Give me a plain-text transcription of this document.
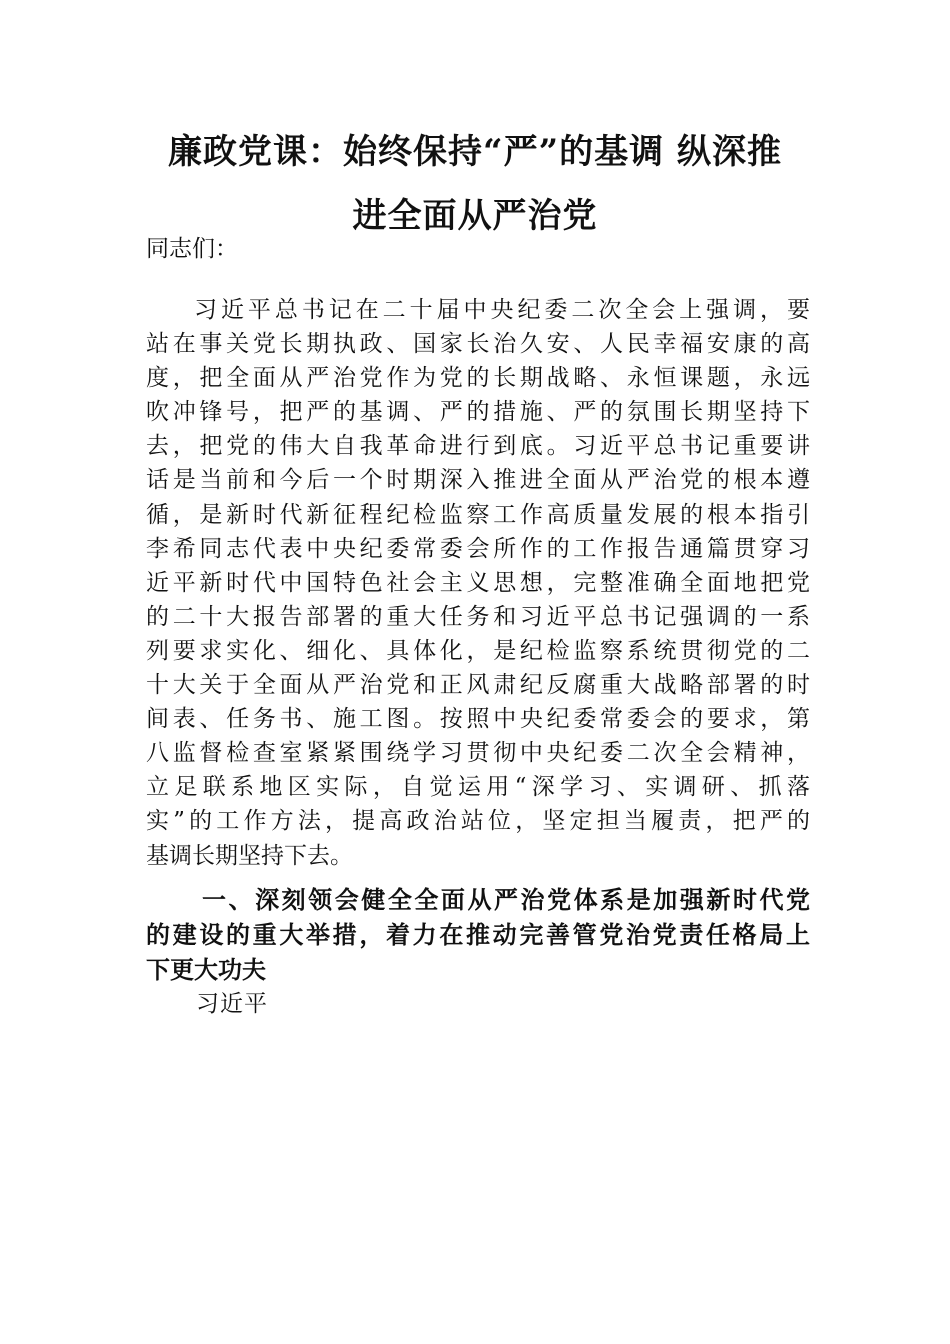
廉政党课：始终保持“严”的基调 纵深推
进全面从严治党
同志们：
习近平总书记在二十届中央纪委二次全会上强调，要
站在事关党长期执政、国家长治久安、人民幸福安康的高
度，把全面从严治党作为党的长期战略、永恒课题，永远
吹冲锋号，把严的基调、严的措施、严的氛围长期坚持下
去，把党的伟大自我革命进行到底。习近平总书记重要讲
话是当前和今后一个时期深入推进全面从严治党的根本遵
循，是新时代新征程纪检监察工作高质量发展的根本指引
李希同志代表中央纪委常委会所作的工作报告通篇贯穿习
近平新时代中国特色社会主义思想，完整准确全面地把党
的二十大报告部署的重大任务和习近平总书记强调的一系
列要求实化、细化、具体化，是纪检监察系统贯彻党的二
十大关于全面从严治党和正风肃纪反腐重大战略部署的时
间表、任务书、施工图。按照中央纪委常委会的要求，第
八监督检查室紧紧围绕学习贯彻中央纪委二次全会精神，
立足联系地区实际，自觉运用“深学习、实调研、抓落
实”的工作方法，提高政治站位，坚定担当履责，把严的
基调长期坚持下去。
一、深刻领会健全全面从严治党体系是加强新时代党
的建设的重大举措，着力在推动完善管党治党责任格局上
下更大功夫
习近平
